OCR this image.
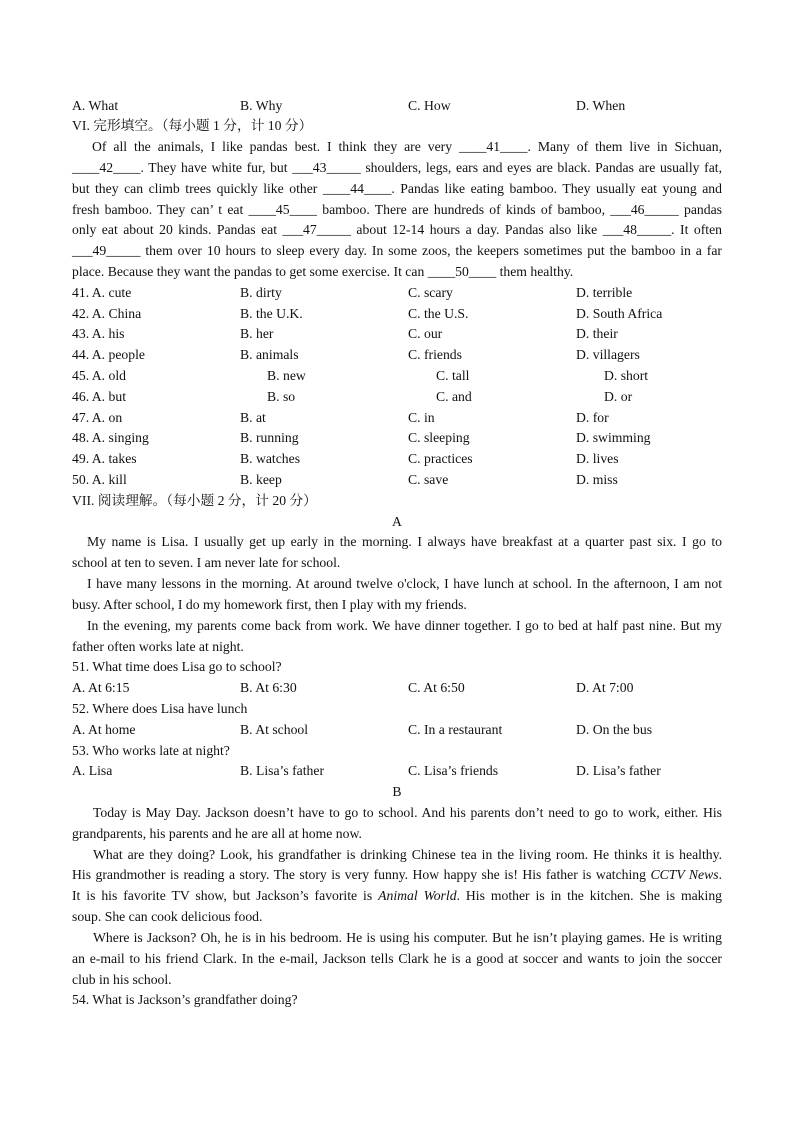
A. What	B. Why	C. How	D. When
VI. 完形填空。（每小题 1 分，计 10 分）
Of all the animals, I like pandas best. I think they are very ____41____. Many of them live in Sichuan,
____42____. They have white fur, but ___43_____ shoulders, legs, ears and eyes are black. Pandas are usually fat,
but they can climb trees quickly like other ____44____. Pandas like eating bamboo. They usually eat young and
fresh bamboo. They can’ t eat ____45____ bamboo. There are hundreds of kinds of bamboo, ___46_____ pandas
only eat about 20 kinds. Pandas eat ___47_____ about 12-14 hours a day. Pandas also like ___48_____. It often
___49_____ them over 10 hours to sleep every day. In some zoos, the keepers sometimes put the bamboo in a far
place. Because they want the pandas to get some exercise. It can ____50____ them healthy.
41. A. cute	B. dirty	C. scary	D. terrible
42. A. China	B. the U.K.	C. the U.S.	D. South Africa
43. A. his	B. her	C. our	D. their
44. A. people	B. animals	C. friends	D. villagers
45. A. old	B. new	C. tall	D. short
46. A. but	B. so	C. and	D. or
47. A. on	B. at	C. in	D. for
48. A. singing	B. running	C. sleeping	D. swimming
49. A. takes	B. watches	C. practices	D. lives
50. A. kill	B. keep	C. save	D. miss
VII. 阅读理解。（每小题 2 分，计 20 分）
A
My name is Lisa. I usually get up early in the morning. I always have breakfast at a quarter past six. I go to
school at ten to seven. I am never late for school.
I have many lessons in the morning. At around twelve o'clock, I have lunch at school. In the afternoon, I am not
busy. After school, I do my homework first, then I play with my friends.
In the evening, my parents come back from work. We have dinner together. I go to bed at half past nine. But my
father often works late at night.
51. What time does Lisa go to school?
A. At 6:15	B. At 6:30	C. At 6:50	D. At 7:00
52. Where does Lisa have lunch
A. At home	B. At school	C. In a restaurant	D. On the bus
53. Who works late at night?
A. Lisa	B. Lisa’s father	C. Lisa’s friends	D. Lisa’s father
B
Today is May Day. Jackson doesn’t have to go to school. And his parents don’t need to go to work, either. His
grandparents, his parents and he are all at home now.
What are they doing? Look, his grandfather is drinking Chinese tea in the living room. He thinks it is healthy.
His grandmother is reading a story. The story is very funny. How happy she is! His father is watching CCTV News.
It is his favorite TV show, but Jackson’s favorite is Animal World. His mother is in the kitchen. She is making
soup. She can cook delicious food.
Where is Jackson? Oh, he is in his bedroom. He is using his computer. But he isn’t playing games. He is writing
an e-mail to his friend Clark. In the e-mail, Jackson tells Clark he is a good at soccer and wants to join the soccer
club in his school.
54. What is Jackson’s grandfather doing?
